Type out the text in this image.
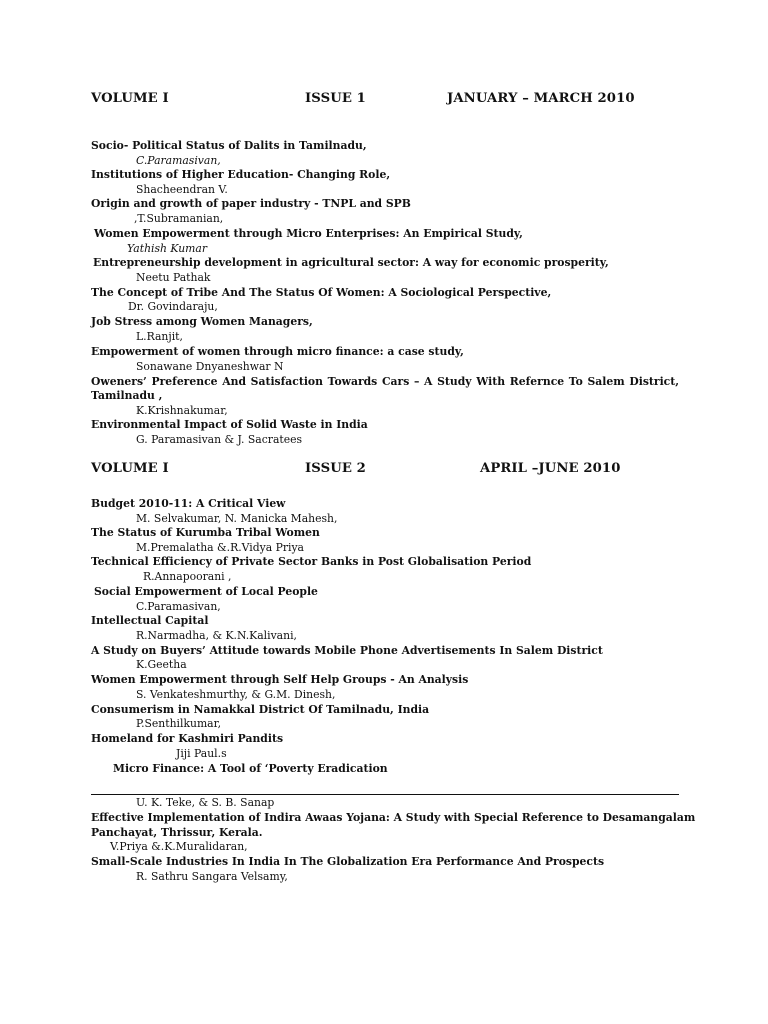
VOLUME I	ISSUE 1	JANUARY – MARCH 2010
Socio- Political Status of Dalits in Tamilnadu,
C.Paramasivan,
Institutions of Higher Education- Changing Role,
Shacheendran V.
Origin and growth of paper industry - TNPL and SPB
,T.Subramanian,
Women Empowerment through Micro Enterprises: An Empirical Study,
Yathish Kumar
Entrepreneurship development in agricultural sector: A way for economic prosperity,
Neetu Pathak
The Concept of Tribe And The Status Of Women: A Sociological Perspective,
Dr. Govindaraju,
Job Stress among Women Managers,
L.Ranjit,
Empowerment of women through micro finance: a case study,
Sonawane Dnyaneshwar N
Oweners’ Preference And Satisfaction Towards Cars – A Study With Refernce To Salem District,
Tamilnadu ,
K.Krishnakumar,
Environmental Impact of Solid Waste in India
G. Paramasivan & J. Sacratees
VOLUME I	ISSUE 2	APRIL –JUNE 2010
Budget 2010-11: A Critical View
M. Selvakumar, N. Manicka Mahesh,
The Status of Kurumba Tribal Women
M.Premalatha &.R.Vidya Priya
Technical Efficiency of Private Sector Banks in Post Globalisation Period
R.Annapoorani ,
Social Empowerment of Local People
C.Paramasivan,
Intellectual Capital
R.Narmadha, & K.N.Kalivani,
A Study on Buyers’ Attitude towards Mobile Phone Advertisements In Salem District
K.Geetha
Women Empowerment through Self Help Groups - An Analysis
S. Venkateshmurthy, & G.M. Dinesh,
Consumerism in Namakkal District Of Tamilnadu, India
P.Senthilkumar,
Homeland for Kashmiri Pandits
Jiji Paul.s
Micro Finance: A Tool of ‘Poverty Eradication
U. K. Teke, & S. B. Sanap
Effective Implementation of Indira Awaas Yojana: A Study with Special Reference to Desamangalam
Panchayat, Thrissur, Kerala.
V.Priya &.K.Muralidaran,
Small-Scale Industries In India In The Globalization Era Performance And Prospects
R. Sathru Sangara Velsamy,
